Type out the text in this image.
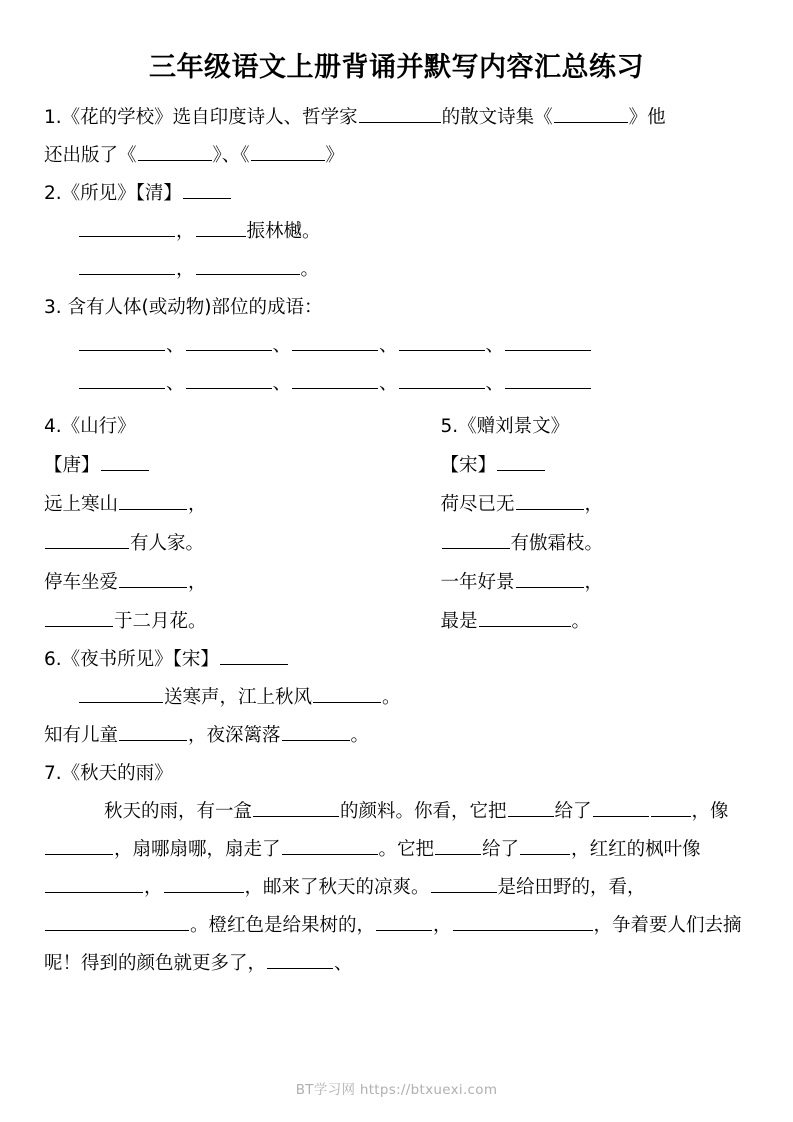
三年级语文上册背诵并默写内容汇总练习
1.《花的学校》选自印度诗人、哲学家	的散文诗集《	》他
还出版了《	》、《	》
2.《所见》【清】
，	振林樾。
，	。
3. 含有人体(或动物)部位的成语：
、	、	、	、
、	、	、	、
4.《山行》
【唐】
远上寒山	，
有人家。
停车坐爱	，
于二月花。
5.《赠刘景文》
【宋】
荷尽已无	，
有傲霜枝。
一年好景	，
最是	。
6.《夜书所见》【宋】
送寒声，江上秋风	。
知有儿童	，夜深篱落	。
7.《秋天的雨》
秋天的雨，有一盒	的颜料。你看，它把	给了	，像，扇哪扇哪，扇走了	。它把	给了	，红红的枫叶像，	，邮来了秋天的凉爽。	是给田野的，看，。橙红色是给果树的，	，	，争着要人们去摘呢！得到的颜色就更多了，	、
BT学习网 https://btxuexi.com
